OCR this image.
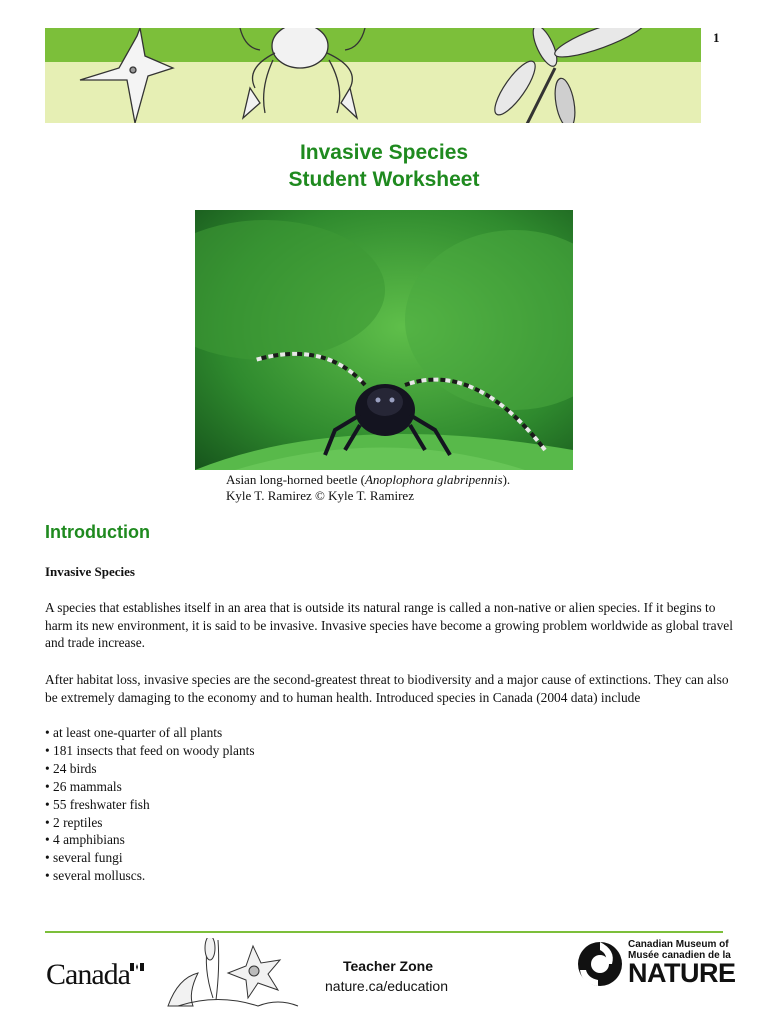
1
Invasive Species
Student Worksheet
Asian long-horned beetle (Anoplophora glabripennis).
Kyle T. Ramirez © Kyle T. Ramirez
Introduction
Invasive Species

A species that establishes itself in an area that is outside its natural range is called a non-native or alien species. If it begins to harm its new environment, it is said to be invasive. Invasive species have become a growing problem worldwide as global travel and trade increase.

After habitat loss, invasive species are the second-greatest threat to biodiversity and a major cause of extinctions. They can also be extremely damaging to the economy and to human health. Introduced species in Canada (2004 data) include

• at least one-quarter of all plants
• 181 insects that feed on woody plants
• 24 birds
• 26 mammals
• 55 freshwater fish
• 2 reptiles
• 4 amphibians
• several fungi
• several molluscs.
Canada	Teacher Zone
nature.ca/education
Canadian Museum of
Musée canadien de la
NATURE
